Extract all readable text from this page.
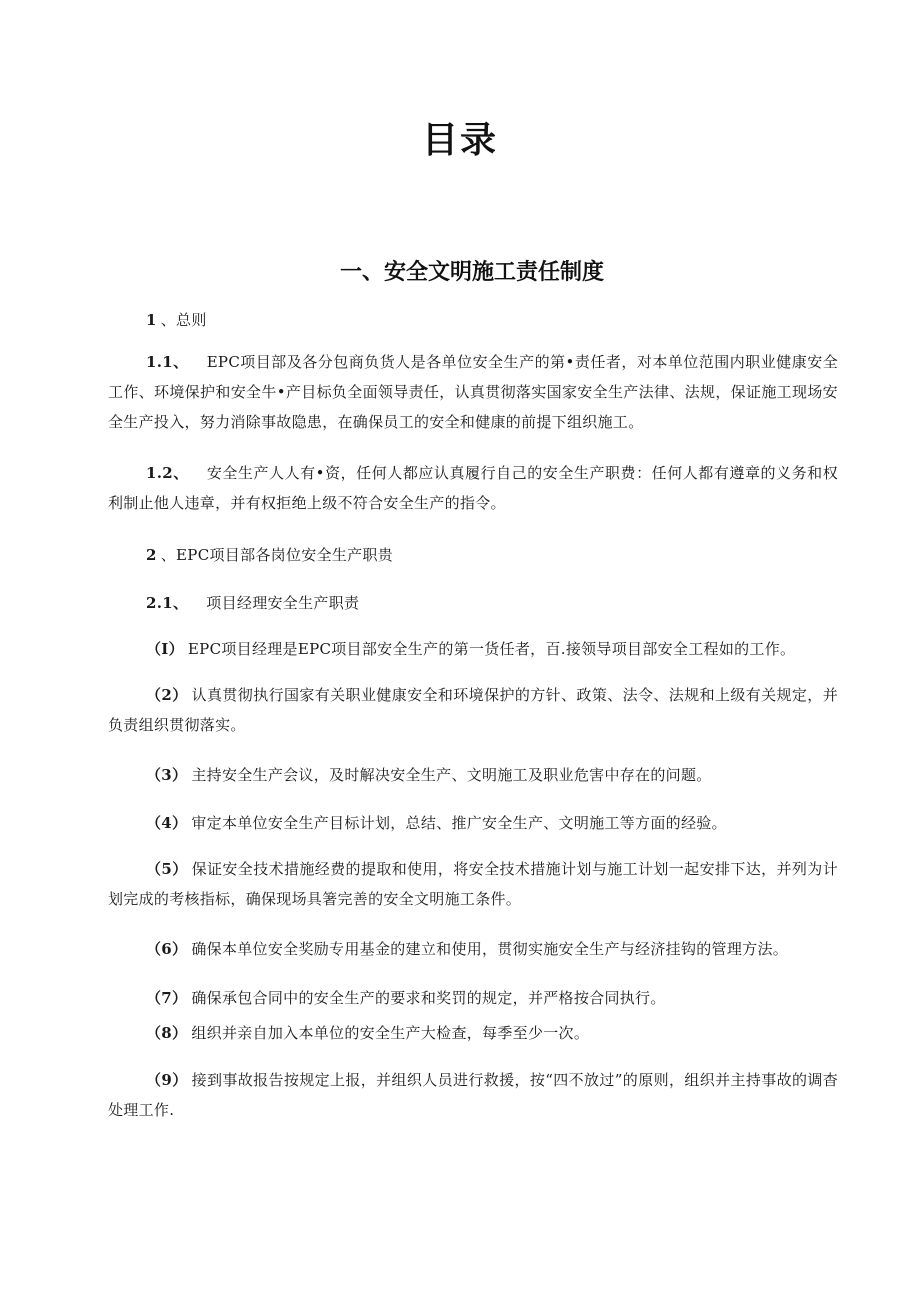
目录
一、安全文明施工责任制度

1 、总则

1.1、 EPC项目部及各分包商负货人是各单位安全生产的第•责任者，对本单位范围内职业健康安全工作、环境保护和安全牛•产目标负全面领导责任，认真贯彻落实国家安全生产法律、法规，保证施工现场安全生产投入，努力消除事故隐患，在确保员工的安全和健康的前提下组织施工。

1.2、 安全生产人人有•资，任何人都应认真履行自己的安全生产职费：任何人都有遵章的义务和权利制止他人违章，并有权拒绝上级不符合安全生产的指令。

2 、EPC项目部各岗位安全生产职贵

2.1、 项目经理安全生产职责

（I） EPC项目经理是EPC项目部安全生产的第一货任者，百.接领导项目部安全工程如的工作。

（2） 认真贯彻执行国家有关职业健康安全和环境保护的方针、政策、法令、法规和上级有关规定，并负责组织贯彻落实。

（3） 主持安全生产会议，及时解决安全生产、文明施工及职业危害中存在的问题。

（4） 审定本单位安全生产目标计划，总结、推广安全生产、文明施工等方面的经验。

（5） 保证安全技术措施经费的提取和使用，将安全技术措施计划与施工计划一起安排下达，并列为计划完成的考核指标，确保现场具箸完善的安全文明施工条件。

（6） 确保本单位安全奖励专用基金的建立和使用，贯彻实施安全生产与经济挂钩的管理方法。

（7） 确保承包合同中的安全生产的要求和奖罚的规定，并严格按合同执行。

（8） 组织并亲自加入本单位的安全生产大检查，每季至少一次。

（9） 接到事故报告按规定上报，并组织人员进行救援，按“四不放过”的原则，组织并主持事故的调杳处理工作.
